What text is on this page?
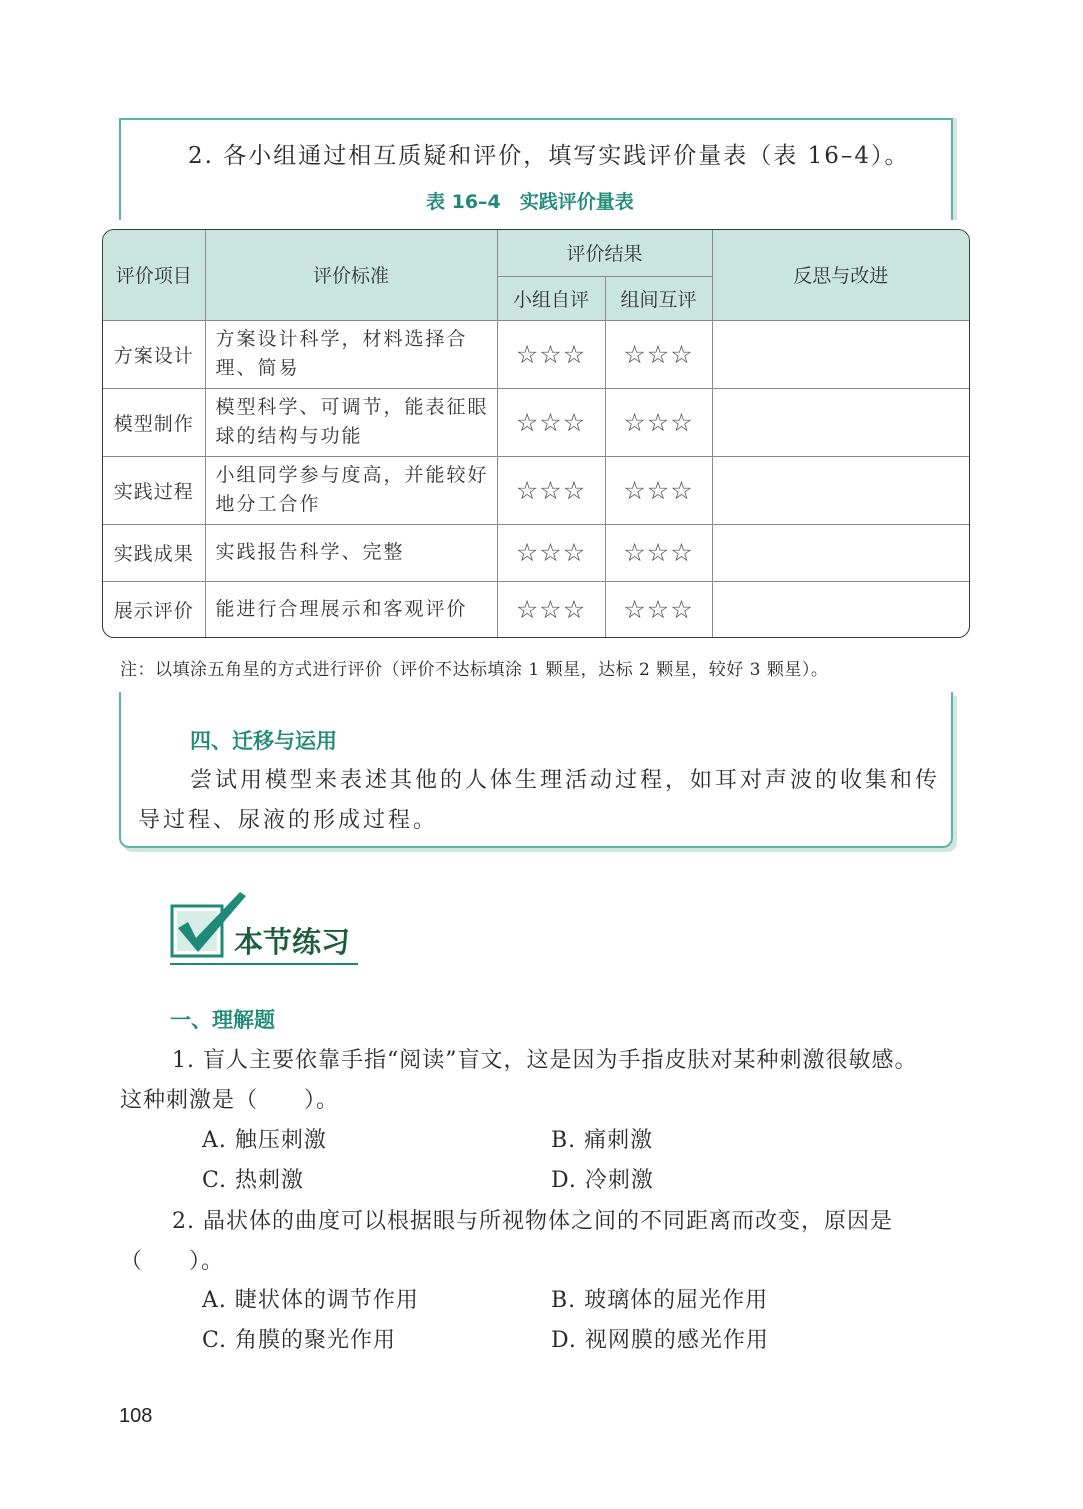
2. 各小组通过相互质疑和评价，填写实践评价量表（表 16–4）。
表 16–4　实践评价量表
评价项目	评价标准	评价结果		反思与改进
		小组自评	组间互评	
方案设计	方案设计科学，材料选择合理、简易	☆☆☆	☆☆☆	
模型制作	模型科学、可调节，能表征眼球的结构与功能	☆☆☆	☆☆☆	
实践过程	小组同学参与度高，并能较好地分工合作	☆☆☆	☆☆☆	
实践成果	实践报告科学、完整	☆☆☆	☆☆☆	
展示评价	能进行合理展示和客观评价	☆☆☆	☆☆☆	
注：以填涂五角星的方式进行评价（评价不达标填涂 1 颗星，达标 2 颗星，较好 3 颗星）。
四、迁移与运用
尝试用模型来表述其他的人体生理活动过程，如耳对声波的收集和传
导过程、尿液的形成过程。
本节练习
一、理解题
1. 盲人主要依靠手指“阅读”盲文，这是因为手指皮肤对某种刺激很敏感。
这种刺激是（　　）。
A. 触压刺激	B. 痛刺激
C. 热刺激	D. 冷刺激
2. 晶状体的曲度可以根据眼与所视物体之间的不同距离而改变，原因是
（　　）。
A. 睫状体的调节作用	B. 玻璃体的屈光作用
C. 角膜的聚光作用	D. 视网膜的感光作用
108
